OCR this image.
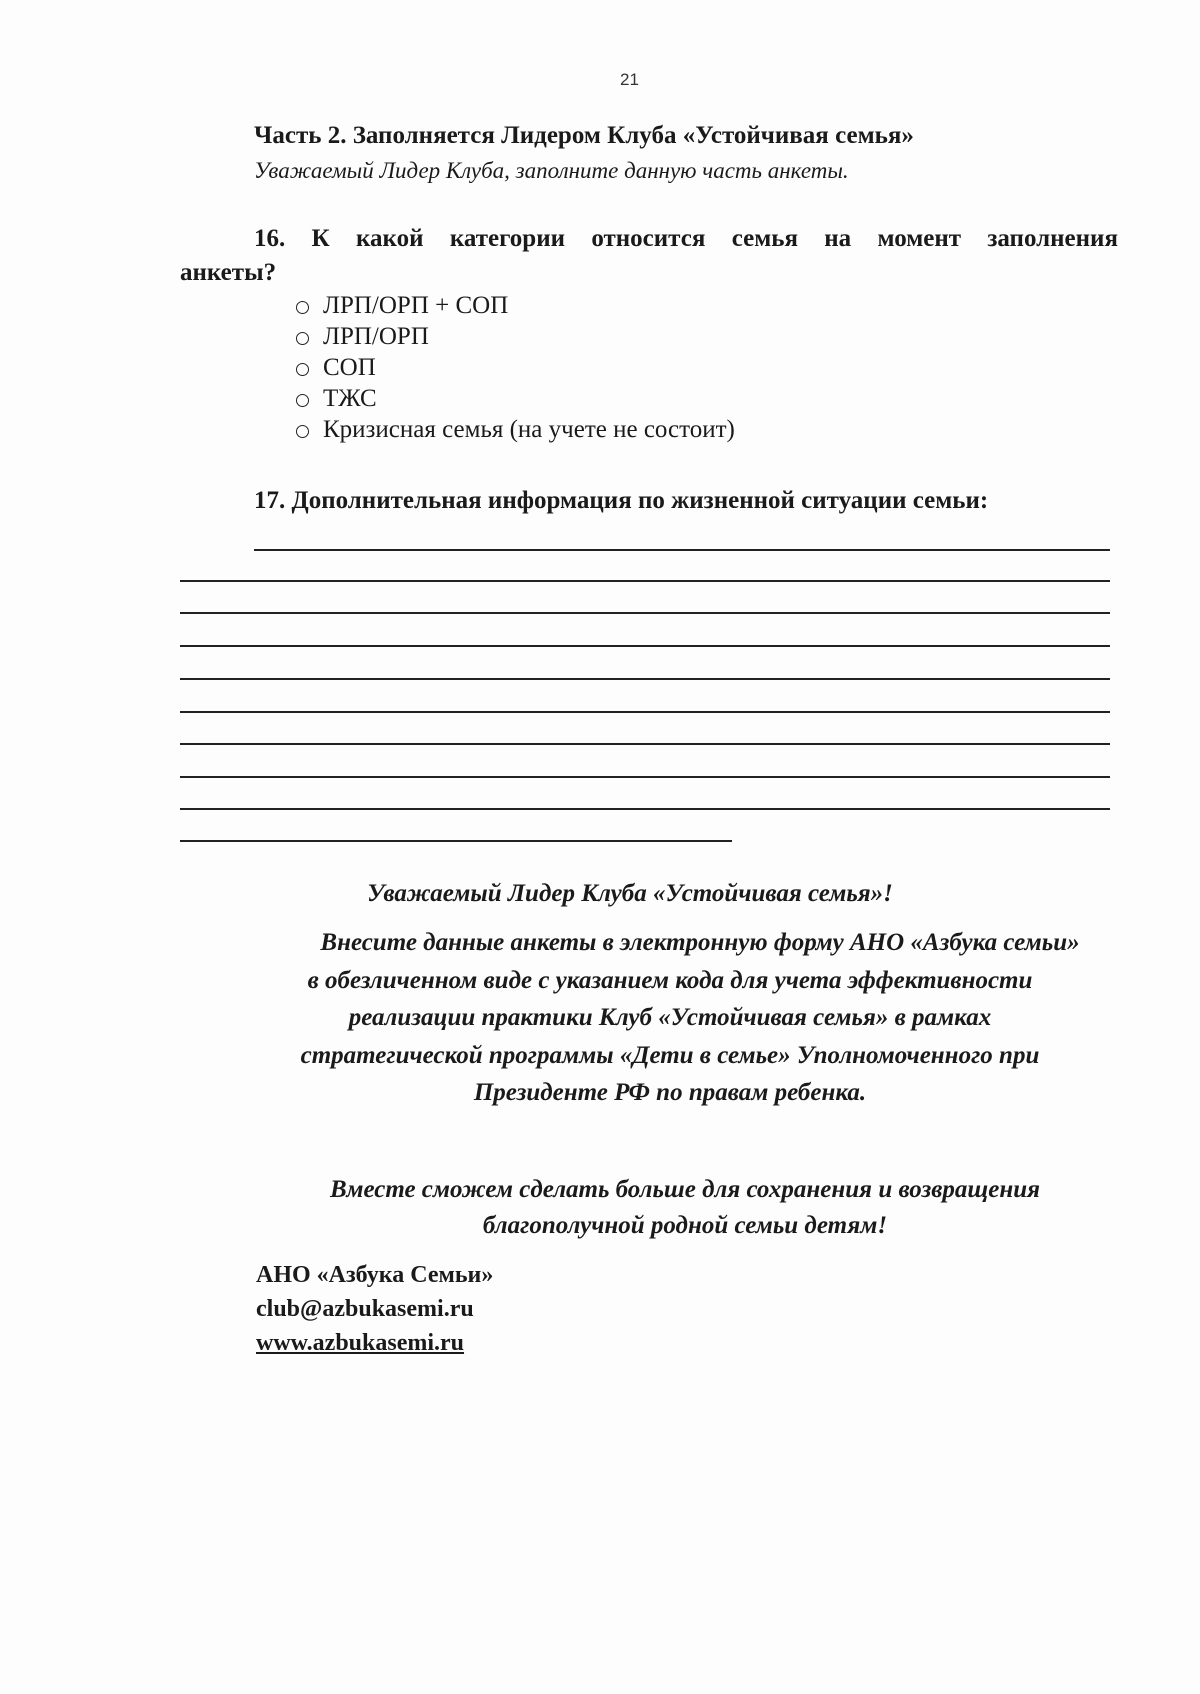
21
Часть 2. Заполняется Лидером Клуба «Устойчивая семья»
Уважаемый Лидер Клуба, заполните данную часть анкеты.
16. К какой категории относится семья на момент заполнения
анкеты?
ЛРП/ОРП + СОП
ЛРП/ОРП
СОП
ТЖС
Кризисная семья (на учете не состоит)
17. Дополнительная информация по жизненной ситуации семьи:
Уважаемый Лидер Клуба «Устойчивая семья»!
Внесите данные анкеты в электронную форму АНО «Азбука семьи»
в обезличенном виде с указанием кода для учета эффективности
реализации практики Клуб «Устойчивая семья» в рамках
стратегической программы «Дети в семье» Уполномоченного при
Президенте РФ по правам ребенка.
Вместе сможем сделать больше для сохранения и возвращения
благополучной родной семьи детям!
АНО «Азбука Семьи»
club@azbukasemi.ru
www.azbukasemi.ru
